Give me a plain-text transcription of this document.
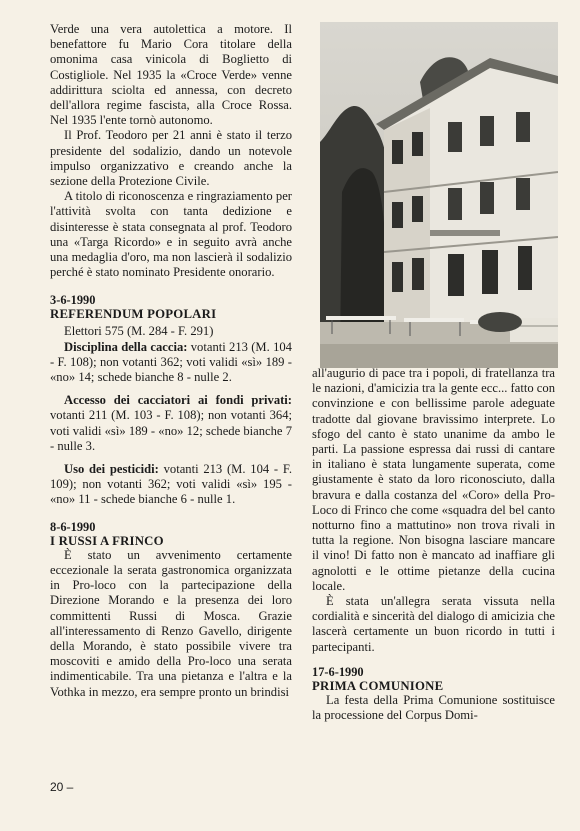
Verde una vera autolettica a motore. Il benefattore fu Mario Cora titolare della omonima casa vinicola di Boglietto di Costigliole. Nel 1935 la «Croce Verde» venne addirittura sciolta ed annessa, con decreto dell'allora regime fascista, alla Croce Rossa. Nel 1935 l'ente tornò autonomo.

Il Prof. Teodoro per 21 anni è stato il terzo presidente del sodalizio, dando un notevole impulso organizzativo e creando anche la sezione della Protezione Civile.

A titolo di riconoscenza e ringraziamento per l'attività svolta con tanta dedizione e disinteresse è stata consegnata al prof. Teodoro una «Targa Ricordo» e in seguito avrà anche una medaglia d'oro, ma non lascierà il sodalizio perché è stato nominato Presidente onorario.

3-6-1990
REFERENDUM POPOLARI

Elettori 575 (M. 284 - F. 291)

Disciplina della caccia: votanti 213 (M. 104 - F. 108); non votanti 362; voti validi «sì» 189 - «no» 14; schede bianche 8 - nulle 2.

Accesso dei cacciatori ai fondi privati: votanti 211 (M. 103 - F. 108); non votanti 364; voti validi «sì» 189 - «no» 12; schede bianche 7 - nulle 3.

Uso dei pesticidi: votanti 213 (M. 104 - F. 109); non votanti 362; voti validi «sì» 195 - «no» 11 - schede bianche 6 - nulle 1.

8-6-1990
I RUSSI A FRINCO

È stato un avvenimento certamente eccezionale la serata gastronomica organizzata in Pro-loco con la partecipazione della Direzione Morando e la presenza dei loro committenti Russi di Mosca. Grazie all'interessamento di Renzo Gavello, dirigente della Morando, è stato possibile vivere tra moscoviti e amido della Pro-loco una serata indimenticabile. Tra una pietanza e l'altra e la Vothka in mezzo, era sempre pronto un brindisi

all'augurio di pace tra i popoli, di fratellanza tra le nazioni, d'amicizia tra la gente ecc... fatto con convinzione e con bellissime parole adeguate tradotte dal giovane bravissimo interprete. Lo sfogo del canto è stato unanime da ambo le parti. La passione espressa dai russi di cantare in italiano è stata lungamente superata, come giustamente è stato da loro riconosciuto, dalla bravura e dalla costanza del «Coro» della Pro-Loco di Frinco che come «squadra del bel canto notturno fino a mattutino» non trova rivali in tutta la regione. Non bisogna lasciare mancare il vino! Di fatto non è mancato ad inaffiare gli agnolotti e le ottime pietanze della cucina locale.

È stata un'allegra serata vissuta nella cordialità e sincerità del dialogo di amicizia che lascerà certamente un buon ricordo in tutti i partecipanti.

17-6-1990
PRIMA COMUNIONE

La festa della Prima Comunione sostituisce la processione del Corpus Domi-

20 –
